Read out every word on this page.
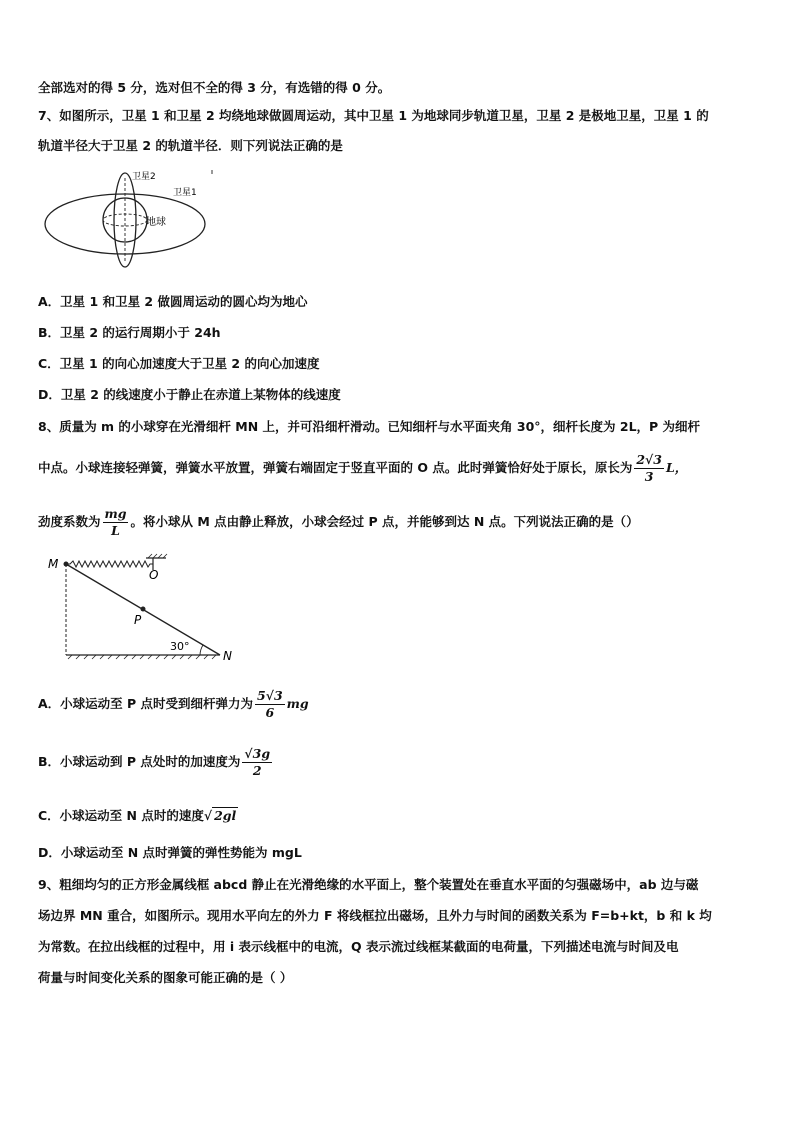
全部选对的得 5 分，选对但不全的得 3 分，有选错的得 0 分。
7、如图所示，卫星 1 和卫星 2 均绕地球做圆周运动，其中卫星 1 为地球同步轨道卫星，卫星 2 是极地卫星，卫星 1 的
轨道半径大于卫星 2 的轨道半径．则下列说法正确的是
卫星2
卫星1
地球
A．卫星 1 和卫星 2 做圆周运动的圆心均为地心
B．卫星 2 的运行周期小于 24h
C．卫星 1 的向心加速度大于卫星 2 的向心加速度
D．卫星 2 的线速度小于静止在赤道上某物体的线速度
8、质量为 m 的小球穿在光滑细杆 MN 上，并可沿细杆滑动。已知细杆与水平面夹角 30°，细杆长度为 2L，P 为细杆
中点。小球连接轻弹簧，弹簧水平放置，弹簧右端固定于竖直平面的 O 点。此时弹簧恰好处于原长，原长为 $\frac{2√3}{3}$ L，
劲度系数为 $\frac{mg}{L}$ 。将小球从 M 点由静止释放，小球会经过 P 点，并能够到达 N 点。下列说法正确的是（）
M
O
P
N
30°
A．小球运动至 P 点时受到细杆弹力为 $\frac{5√3}{6}$ mg
B．小球运动到 P 点处时的加速度为 $\frac{√3g}{2}$
C．小球运动至 N 点时的速度√ 2gl
D．小球运动至 N 点时弹簧的弹性势能为 mgL
9、粗细均匀的正方形金属线框 abcd 静止在光滑绝缘的水平面上，整个装置处在垂直水平面的匀强磁场中，ab 边与磁
场边界 MN 重合，如图所示。现用水平向左的外力 F 将线框拉出磁场，且外力与时间的函数关系为 F=b+kt，b 和 k 均
为常数。在拉出线框的过程中，用 i 表示线框中的电流，Q 表示流过线框某截面的电荷量，下列描述电流与时间及电
荷量与时间变化关系的图象可能正确的是（ ）
